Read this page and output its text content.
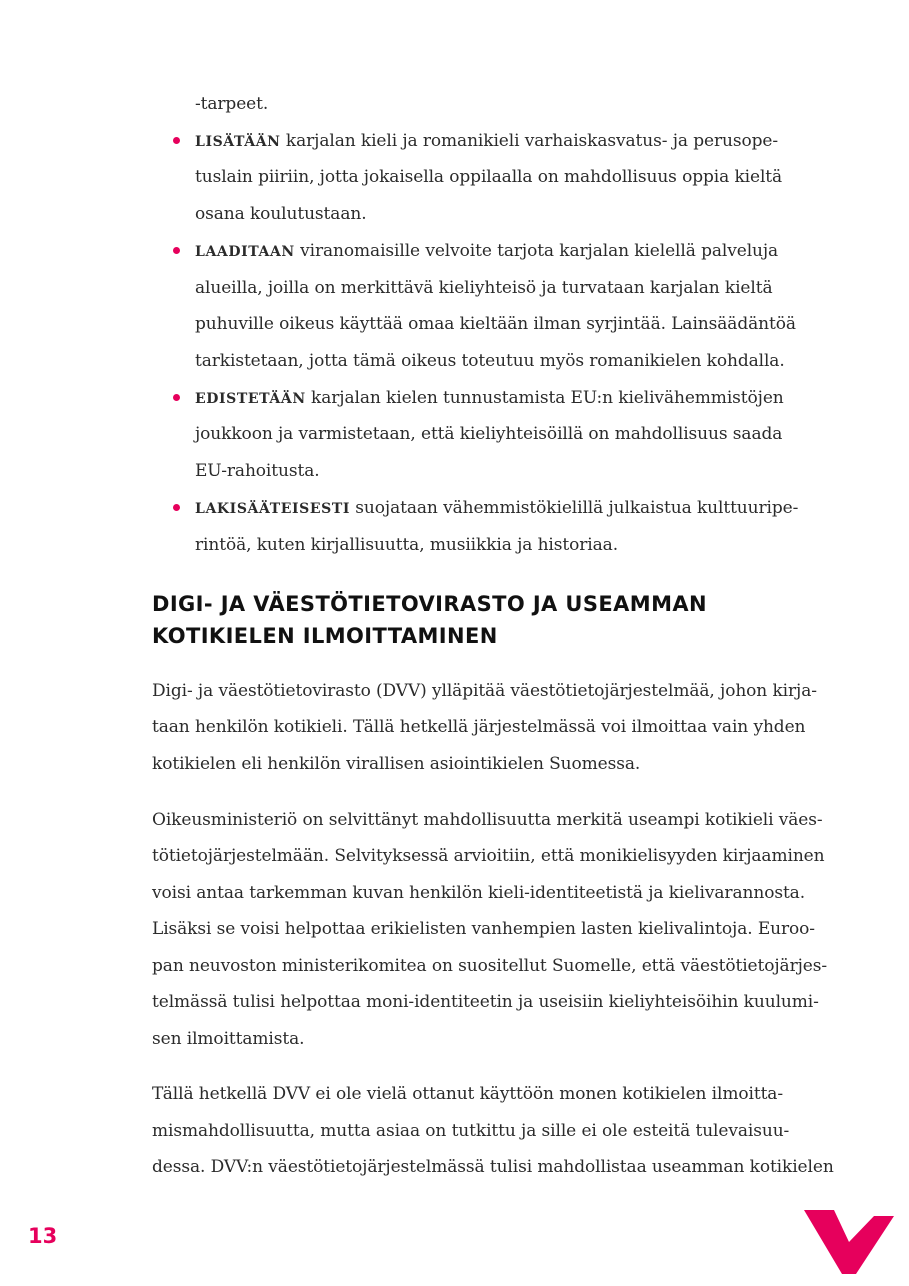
-tarpeet.
LISÄTÄÄN karjalan kieli ja romanikieli varhaiskasvatus- ja perusope-
tuslain piiriin, jotta jokaisella oppilaalla on mahdollisuus oppia kieltä
osana koulutustaan.
LAADITAAN viranomaisille velvoite tarjota karjalan kielellä palveluja
alueilla, joilla on merkittävä kieliyhteisö ja turvataan karjalan kieltä
puhuville oikeus käyttää omaa kieltään ilman syrjintää. Lainsäädäntöä
tarkistetaan, jotta tämä oikeus toteutuu myös romanikielen kohdalla.
EDISTETÄÄN karjalan kielen tunnustamista EU:n kielivähemmistöjen
joukkoon ja varmistetaan, että kieliyhteisöillä on mahdollisuus saada
EU-rahoitusta.
LAKISÄÄTEISESTI suojataan vähemmistökielillä julkaistua kulttuuripe-
rintöä, kuten kirjallisuutta, musiikkia ja historiaa.
DIGI- JA VÄESTÖTIETOVIRASTO JA USEAMMAN
KOTIKIELEN ILMOITTAMINEN
Digi- ja väestötietovirasto (DVV) ylläpitää väestötietojärjestelmää, johon kirja-
taan henkilön kotikieli. Tällä hetkellä järjestelmässä voi ilmoittaa vain yhden
kotikielen eli henkilön virallisen asiointikielen Suomessa.
Oikeusministeriö on selvittänyt mahdollisuutta merkitä useampi kotikieli väes-
tötietojärjestelmään. Selvityksessä arvioitiin, että monikielisyyden kirjaaminen
voisi antaa tarkemman kuvan henkilön kieli-identiteetistä ja kielivarannosta.
Lisäksi se voisi helpottaa erikielisten vanhempien lasten kielivalintoja. Euroo-
pan neuvoston ministerikomitea on suositellut Suomelle, että väestötietojärjes-
telmässä tulisi helpottaa moni-identiteetin ja useisiin kieliyhteisöihin kuulumi-
sen ilmoittamista.
Tällä hetkellä DVV ei ole vielä ottanut käyttöön monen kotikielen ilmoitta-
mismahdollisuutta, mutta asiaa on tutkittu ja sille ei ole esteitä tulevaisuu-
dessa. DVV:n väestötietojärjestelmässä tulisi mahdollistaa useamman kotikielen
13
